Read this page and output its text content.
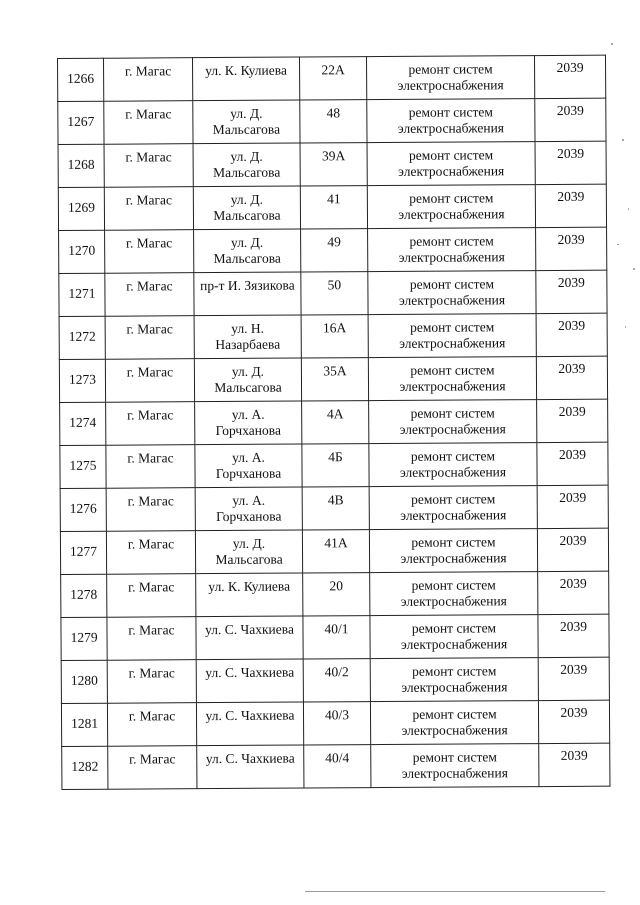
1266	г. Магас	ул. К. Кулиева	22А	ремонт систем электроснабжения	2039
1267	г. Магас	ул. Д. Мальсагова	48	ремонт систем электроснабжения	2039
1268	г. Магас	ул. Д. Мальсагова	39А	ремонт систем электроснабжения	2039
1269	г. Магас	ул. Д. Мальсагова	41	ремонт систем электроснабжения	2039
1270	г. Магас	ул. Д. Мальсагова	49	ремонт систем электроснабжения	2039
1271	г. Магас	пр-т И. Зязикова	50	ремонт систем электроснабжения	2039
1272	г. Магас	ул. Н. Назарбаева	16А	ремонт систем электроснабжения	2039
1273	г. Магас	ул. Д. Мальсагова	35А	ремонт систем электроснабжения	2039
1274	г. Магас	ул. А. Горчханова	4А	ремонт систем электроснабжения	2039
1275	г. Магас	ул. А. Горчханова	4Б	ремонт систем электроснабжения	2039
1276	г. Магас	ул. А. Горчханова	4В	ремонт систем электроснабжения	2039
1277	г. Магас	ул. Д. Мальсагова	41А	ремонт систем электроснабжения	2039
1278	г. Магас	ул. К. Кулиева	20	ремонт систем электроснабжения	2039
1279	г. Магас	ул. С. Чахкиева	40/1	ремонт систем электроснабжения	2039
1280	г. Магас	ул. С. Чахкиева	40/2	ремонт систем электроснабжения	2039
1281	г. Магас	ул. С. Чахкиева	40/3	ремонт систем электроснабжения	2039
1282	г. Магас	ул. С. Чахкиева	40/4	ремонт систем электроснабжения	2039
